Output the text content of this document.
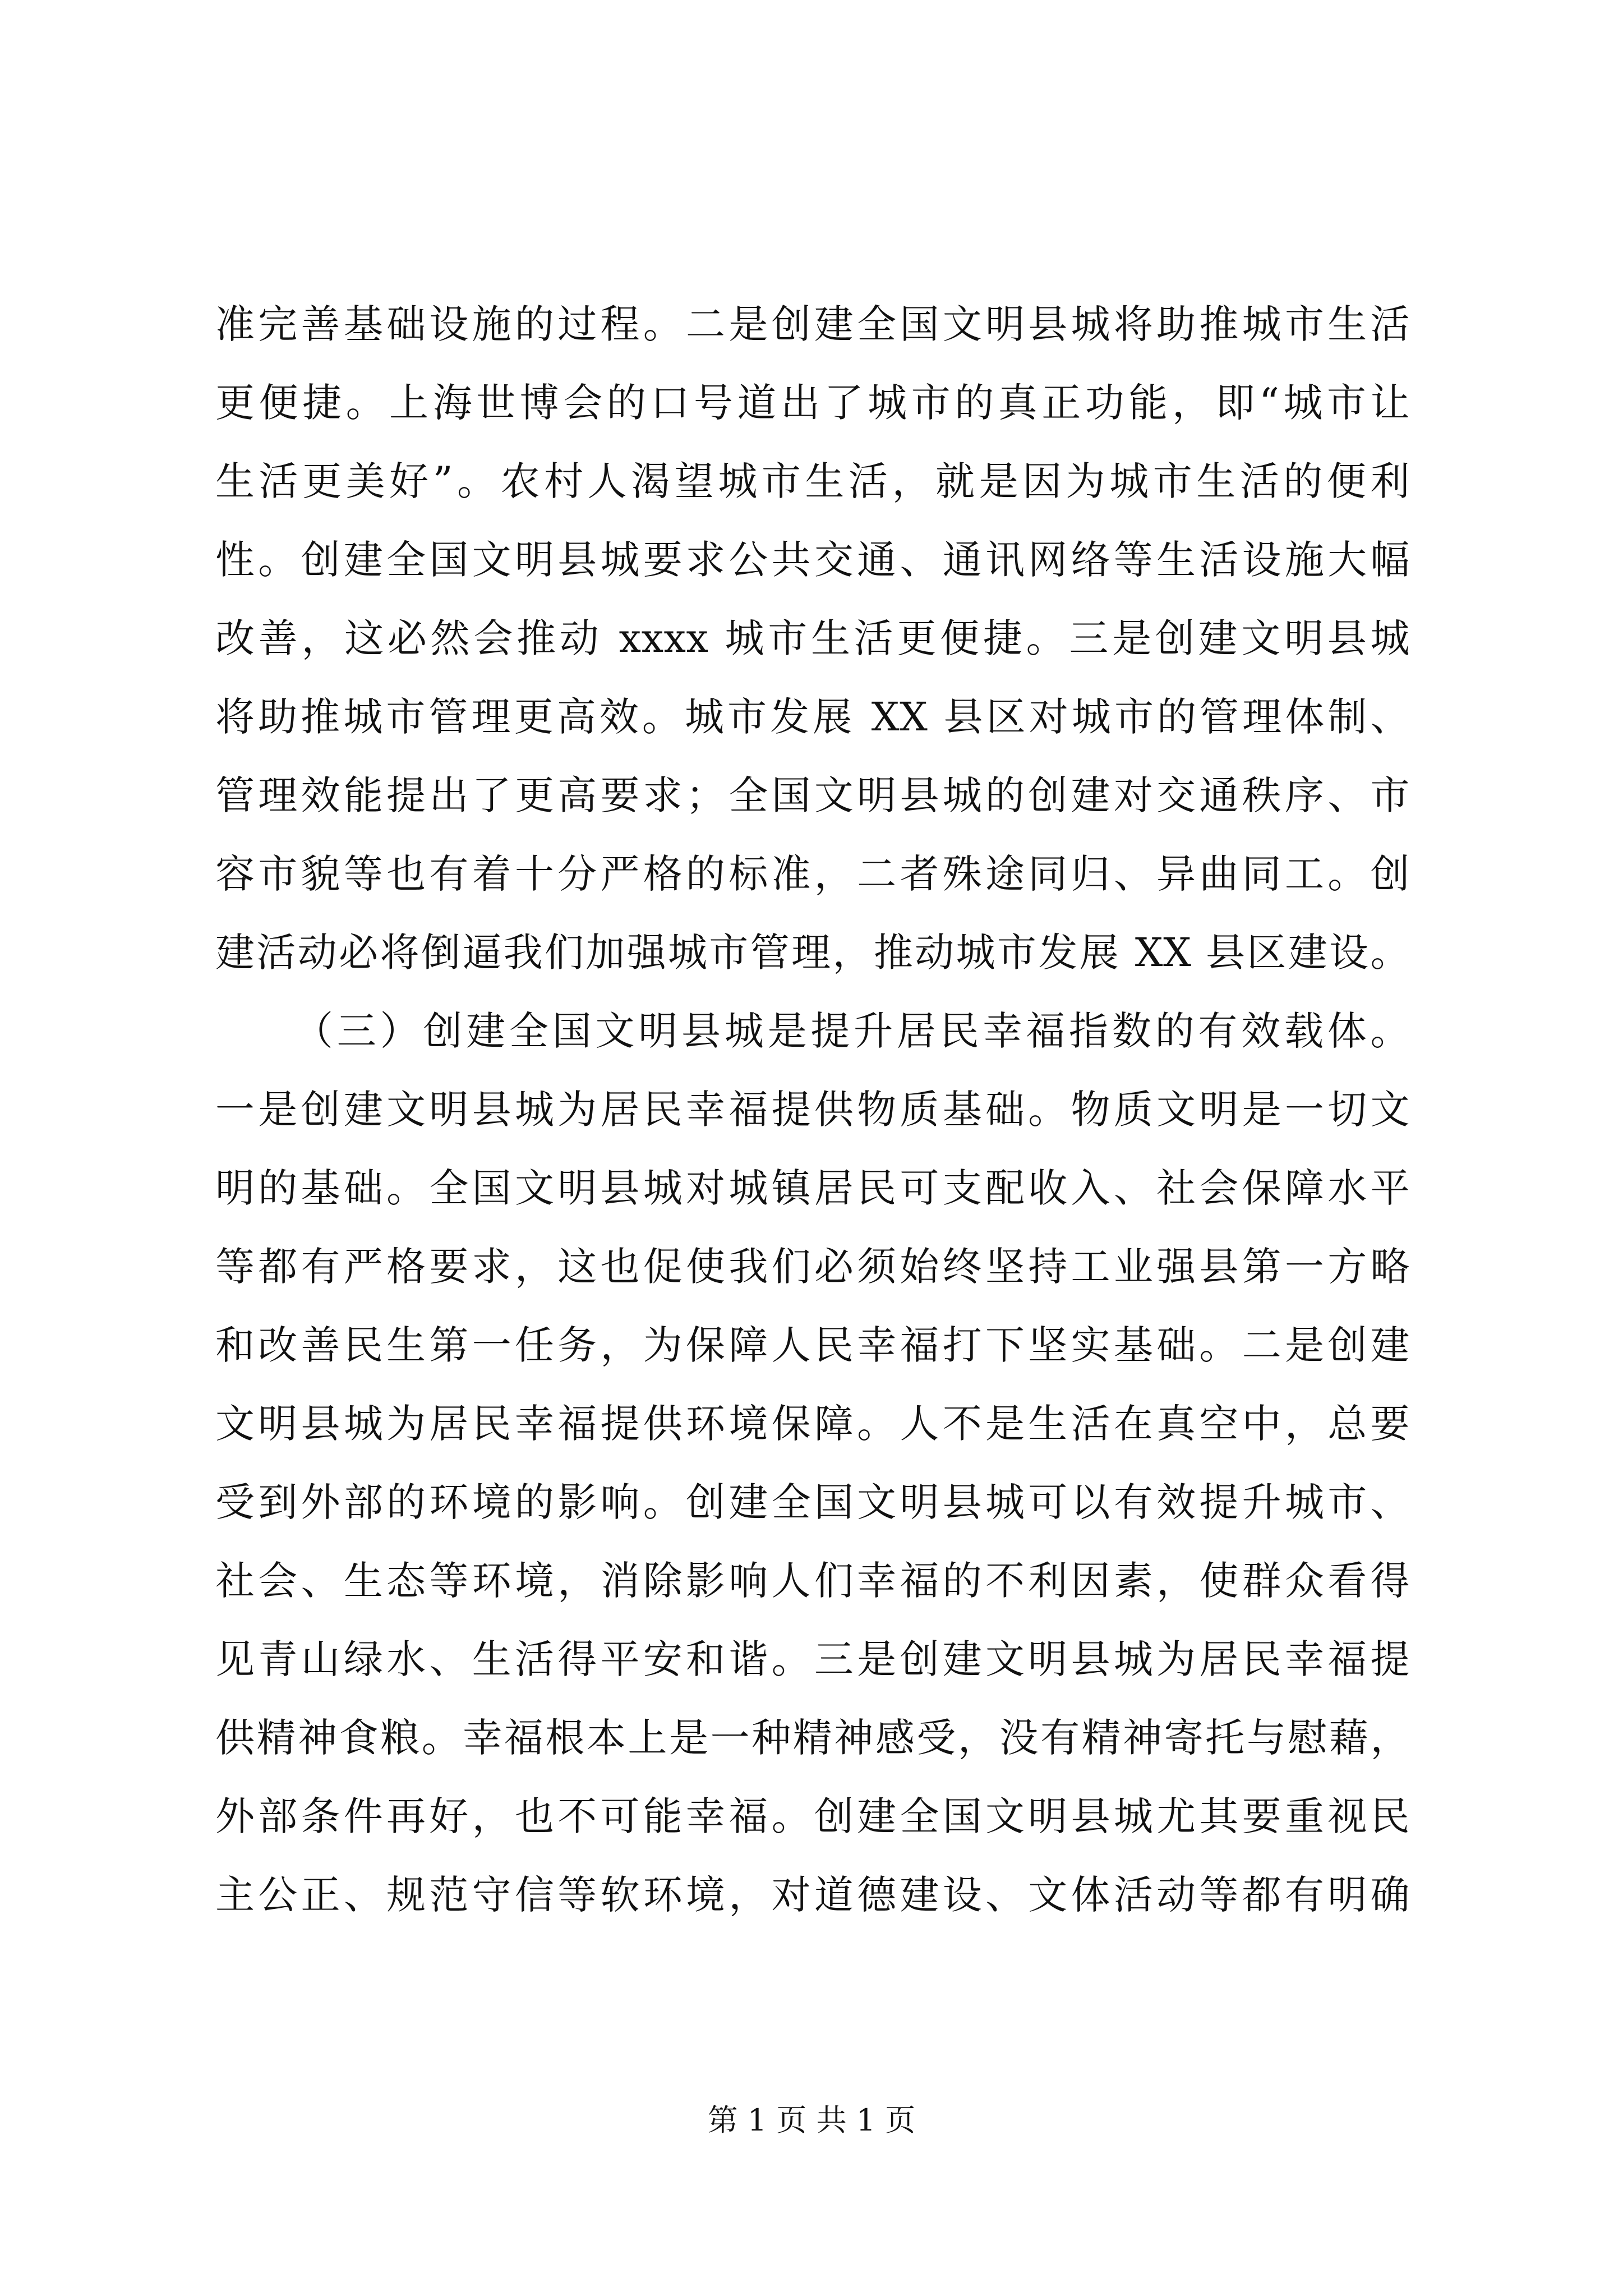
准完善基础设施的过程。二是创建全国文明县城将助推城市生活
更便捷。上海世博会的口号道出了城市的真正功能，即“城市让
生活更美好”。农村人渴望城市生活，就是因为城市生活的便利
性。创建全国文明县城要求公共交通、通讯网络等生活设施大幅
改善，这必然会推动 xxxx 城市生活更便捷。三是创建文明县城
将助推城市管理更高效。城市发展 XX 县区对城市的管理体制、
管理效能提出了更高要求；全国文明县城的创建对交通秩序、市
容市貌等也有着十分严格的标准，二者殊途同归、异曲同工。创
建活动必将倒逼我们加强城市管理，推动城市发展 XX 县区建设。
（三）创建全国文明县城是提升居民幸福指数的有效载体。
一是创建文明县城为居民幸福提供物质基础。物质文明是一切文
明的基础。全国文明县城对城镇居民可支配收入、社会保障水平
等都有严格要求，这也促使我们必须始终坚持工业强县第一方略
和改善民生第一任务，为保障人民幸福打下坚实基础。二是创建
文明县城为居民幸福提供环境保障。人不是生活在真空中，总要
受到外部的环境的影响。创建全国文明县城可以有效提升城市、
社会、生态等环境，消除影响人们幸福的不利因素，使群众看得
见青山绿水、生活得平安和谐。三是创建文明县城为居民幸福提
供精神食粮。幸福根本上是一种精神感受，没有精神寄托与慰藉，
外部条件再好，也不可能幸福。创建全国文明县城尤其要重视民
主公正、规范守信等软环境，对道德建设、文体活动等都有明确
第 1 页 共 1 页
